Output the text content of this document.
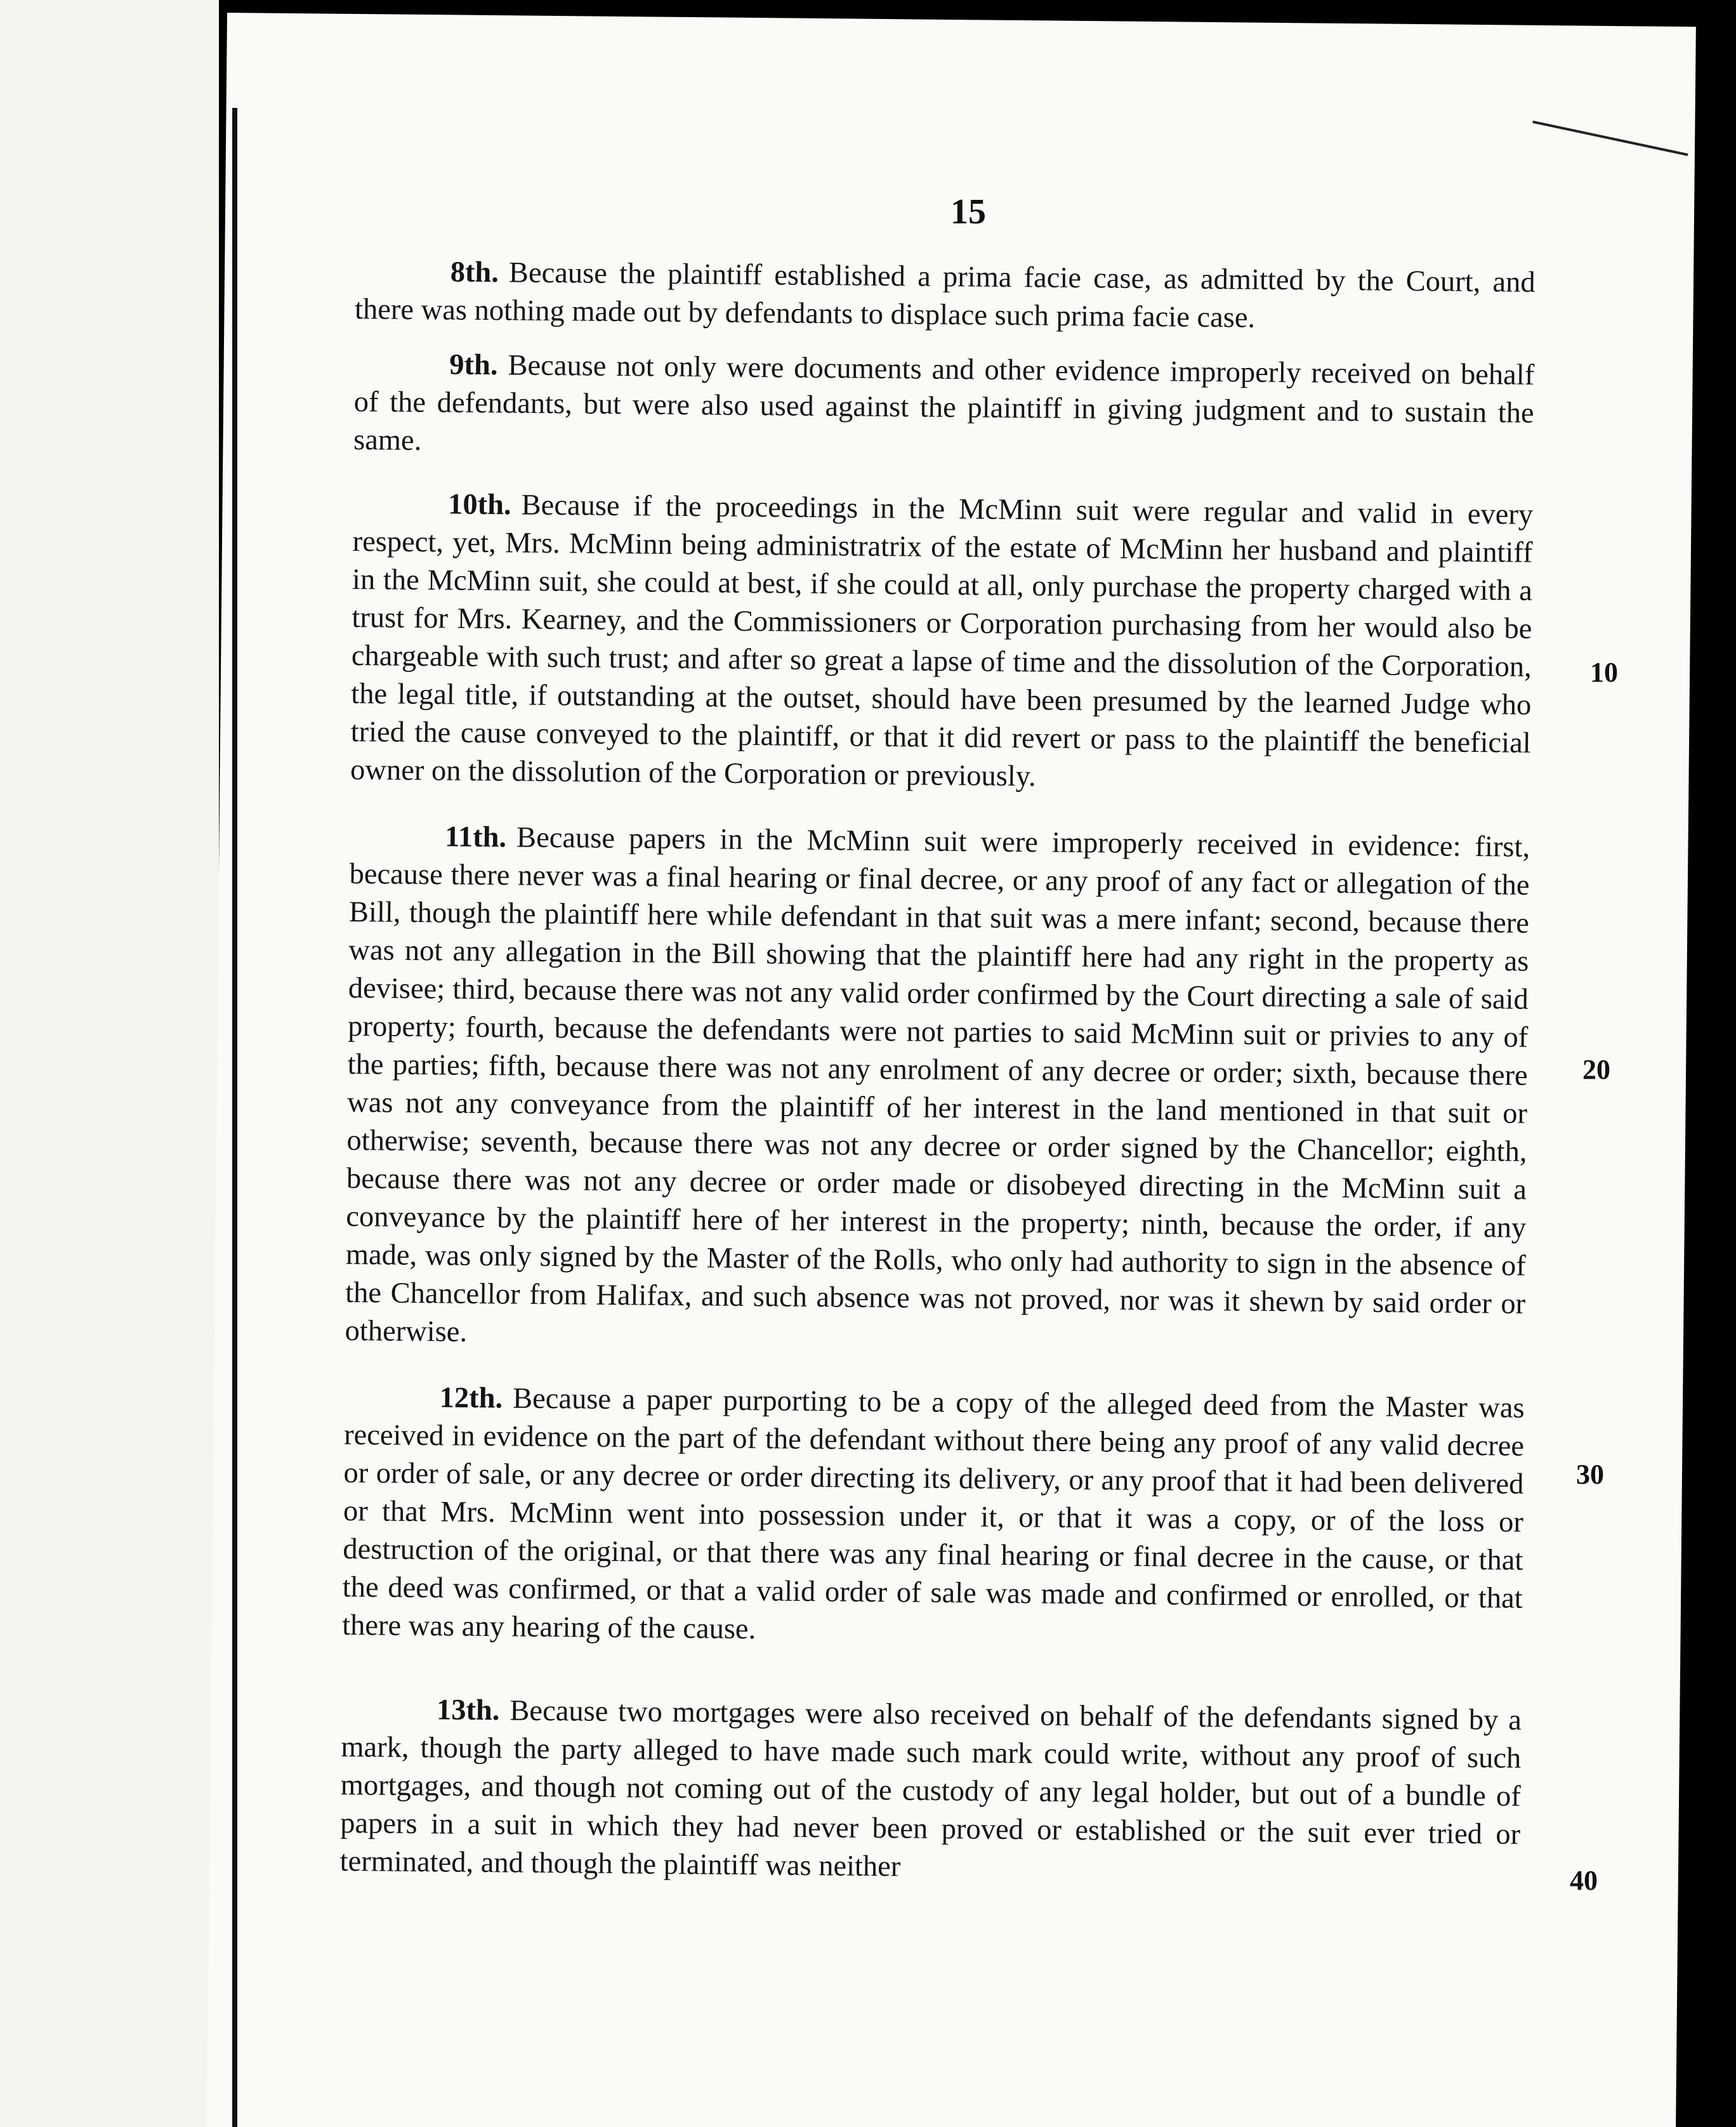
15

8th. Because the plaintiff established a prima facie case, as admitted by the Court, and there was nothing made out by defendants to displace such prima facie case.

9th. Because not only were documents and other evidence improperly received on behalf of the defendants, but were also used against the plaintiff in giving judgment and to sustain the same.

10th. Because if the proceedings in the McMinn suit were regular and valid in every respect, yet, Mrs. McMinn being administratrix of the estate of McMinn her husband and plaintiff in the McMinn suit, she could at best, if she could at all, only purchase the property charged with a trust for Mrs. Kearney, and the Commissioners or Corporation purchasing from her would also be chargeable with such trust; and after so great a lapse of time and the dissolution of the Corporation, the legal title, if outstanding at the outset, should have been presumed by the learned Judge who tried the cause conveyed to the plaintiff, or that it did revert or pass to the plaintiff the beneficial owner on the dissolution of the Corporation or previously.

11th. Because papers in the McMinn suit were improperly received in evidence: first, because there never was a final hearing or final decree, or any proof of any fact or allegation of the Bill, though the plaintiff here while defendant in that suit was a mere infant; second, because there was not any allegation in the Bill showing that the plaintiff here had any right in the property as devisee; third, because there was not any valid order confirmed by the Court directing a sale of said property; fourth, because the defendants were not parties to said McMinn suit or privies to any of the parties; fifth, because there was not any enrolment of any decree or order; sixth, because there was not any conveyance from the plaintiff of her interest in the land mentioned in that suit or otherwise; seventh, because there was not any decree or order signed by the Chancellor; eighth, because there was not any decree or order made or disobeyed directing in the McMinn suit a conveyance by the plaintiff here of her interest in the property; ninth, because the order, if any made, was only signed by the Master of the Rolls, who only had authority to sign in the absence of the Chancellor from Halifax, and such absence was not proved, nor was it shewn by said order or otherwise.

12th. Because a paper purporting to be a copy of the alleged deed from the Master was received in evidence on the part of the defendant without there being any proof of any valid decree or order of sale, or any decree or order directing its delivery, or any proof that it had been delivered or that Mrs. McMinn went into possession under it, or that it was a copy, or of the loss or destruction of the original, or that there was any final hearing or final decree in the cause, or that the deed was confirmed, or that a valid order of sale was made and confirmed or enrolled, or that there was any hearing of the cause.

13th. Because two mortgages were also received on behalf of the defendants signed by a mark, though the party alleged to have made such mark could write, without any proof of such mortgages, and though not coming out of the custody of any legal holder, but out of a bundle of papers in a suit in which they had never been proved or established or the suit ever tried or terminated, and though the plaintiff was neither

10
20
30
40
